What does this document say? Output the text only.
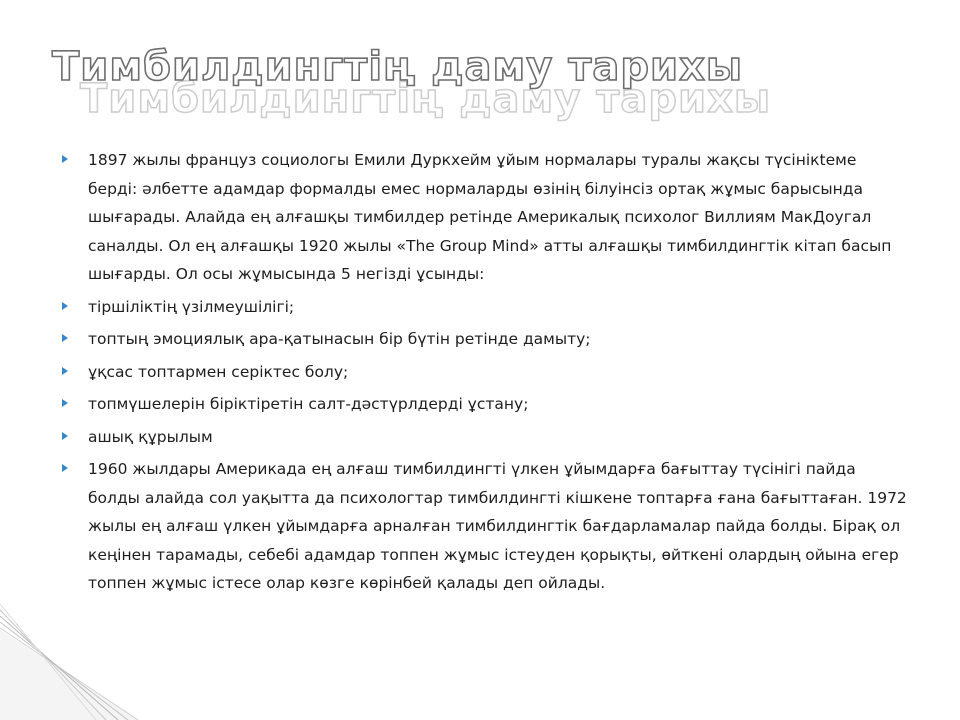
Тимбилдингтің даму тарихы
Тимбилдингтің даму тарихы
1897 жылы француз социологы Емили Дуркхейм ұйым нормалары туралы жақсы түсінікteме берді: әлбетте адамдар формалды емес нормаларды өзінің білуінсіз ортақ жұмыс барысында шығарады. Алайда ең алғашқы тимбилдер ретінде Америкалық психолог Виллиям МакДоугал саналды. Ол ең алғашқы 1920 жылы «The Group Mind» атты алғашқы тимбилдингтік кітап басып шығарды. Ол осы жұмысында 5 негізді ұсынды:
тіршіліктің үзілмеушілігі;
топтың эмоциялық ара-қатынасын бір бүтін ретінде дамыту;
ұқсас топтармен серіктес болу;
топмүшелерін біріктіретін салт-дәстүрлдерді ұстану;
ашық құрылым
1960 жылдары Америкада ең алғаш тимбилдингті үлкен ұйымдарға бағыттау түсінігі пайда болды алайда сол уақытта да психологтар тимбилдингті кішкене топтарға ғана бағыттаған. 1972 жылы ең алғаш үлкен ұйымдарға арналған тимбилдингтік бағдарламалар пайда болды. Бірақ ол кеңінен тарамады, себебі адамдар топпен жұмыс істеуден қорықты, өйткені олардың ойына егер топпен жұмыс істесе олар көзге көрінбей қалады деп ойлады.
